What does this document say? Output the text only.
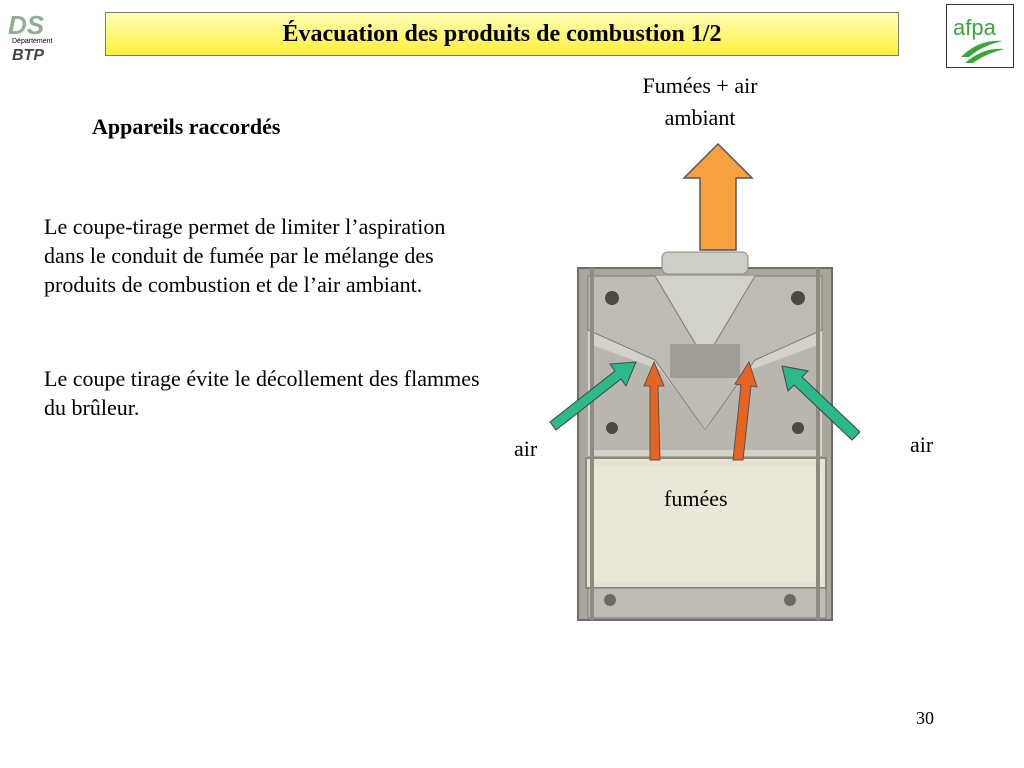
DS
Département
BTP
Évacuation des produits de combustion 1/2	afpa
Appareils raccordés
Le coupe-tirage permet de limiter l’aspiration dans le conduit de fumée par le mélange des produits de combustion et de l’air ambiant.
Le coupe tirage évite le décollement des flammes du brûleur.
Fumées + air
ambiant
air	air
fumées
30
